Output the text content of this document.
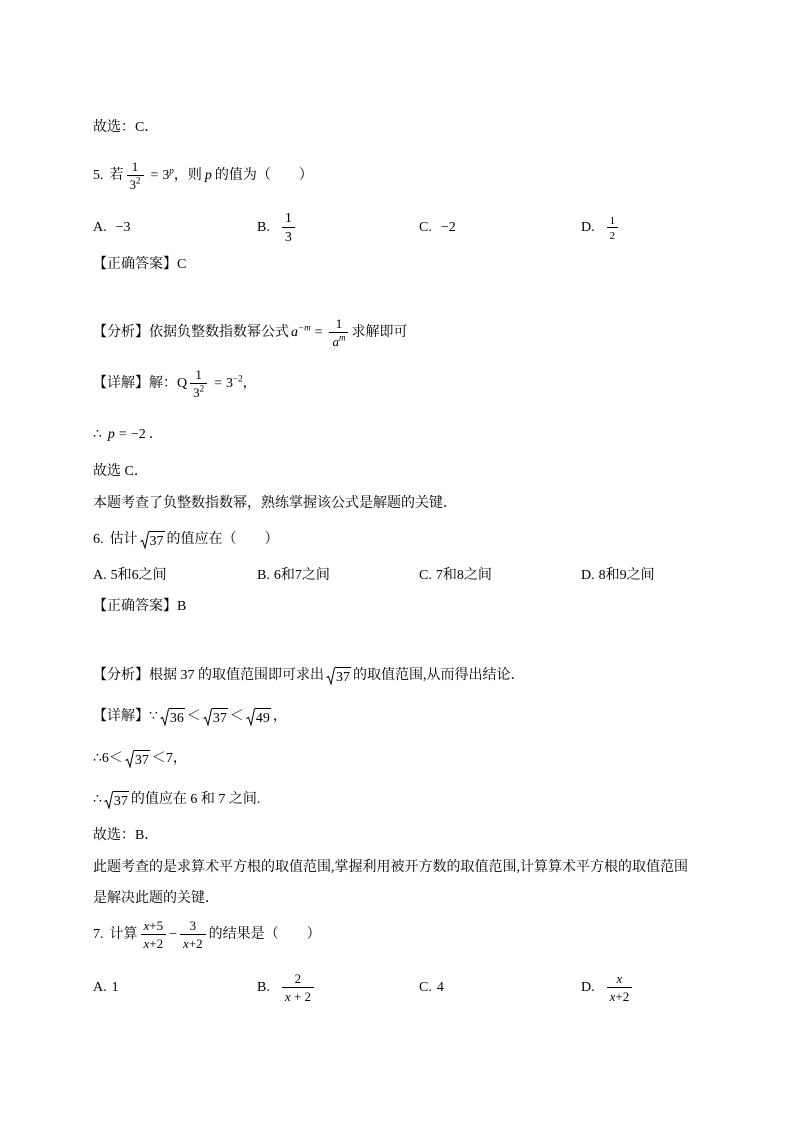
故选：C．
5. 若 $\frac{1}{3^2} = 3^p$ ，则 p 的值为（　　）
A. −3	B. $\frac{1}{3}$	C. −2	D. $\frac{1}{2}$
【正确答案】 C
【分析】 依据负整数指数幂公式 $a^{-m} = \frac{1}{a^m}$ 求解即可
【详解】 解： Q $\frac{1}{3^2} = 3^{-2}$ ，
∴ p = −2 ．
故选 C．
本题考查了负整数指数幂，熟练掌握该公式是解题的关键．
6. 估计 37 的值应在（　　）
A. 5和6之间	B. 6和7之间	C. 7和8之间	D. 8和9之间
【正确答案】 B
【分析】 根据 37 的取值范围即可求出 37 的取值范围,从而得出结论．
【详解】 ∵ 36 ＜ 37 ＜ 49 ，
∴6＜ 37 ＜7，
∴ 37 的值应在 6 和 7 之间.
故选：B．
此题考查的是求算术平方根的取值范围,掌握利用被开方数的取值范围,计算算术平方根的取值范围
是解决此题的关键．
7. 计算 $\frac{x+5}{x+2} - \frac{3}{x+2}$ 的结果是（　　）
A. 1	B. $\frac{2}{x + 2}$	C. 4	D. $\frac{x}{x+2}$
